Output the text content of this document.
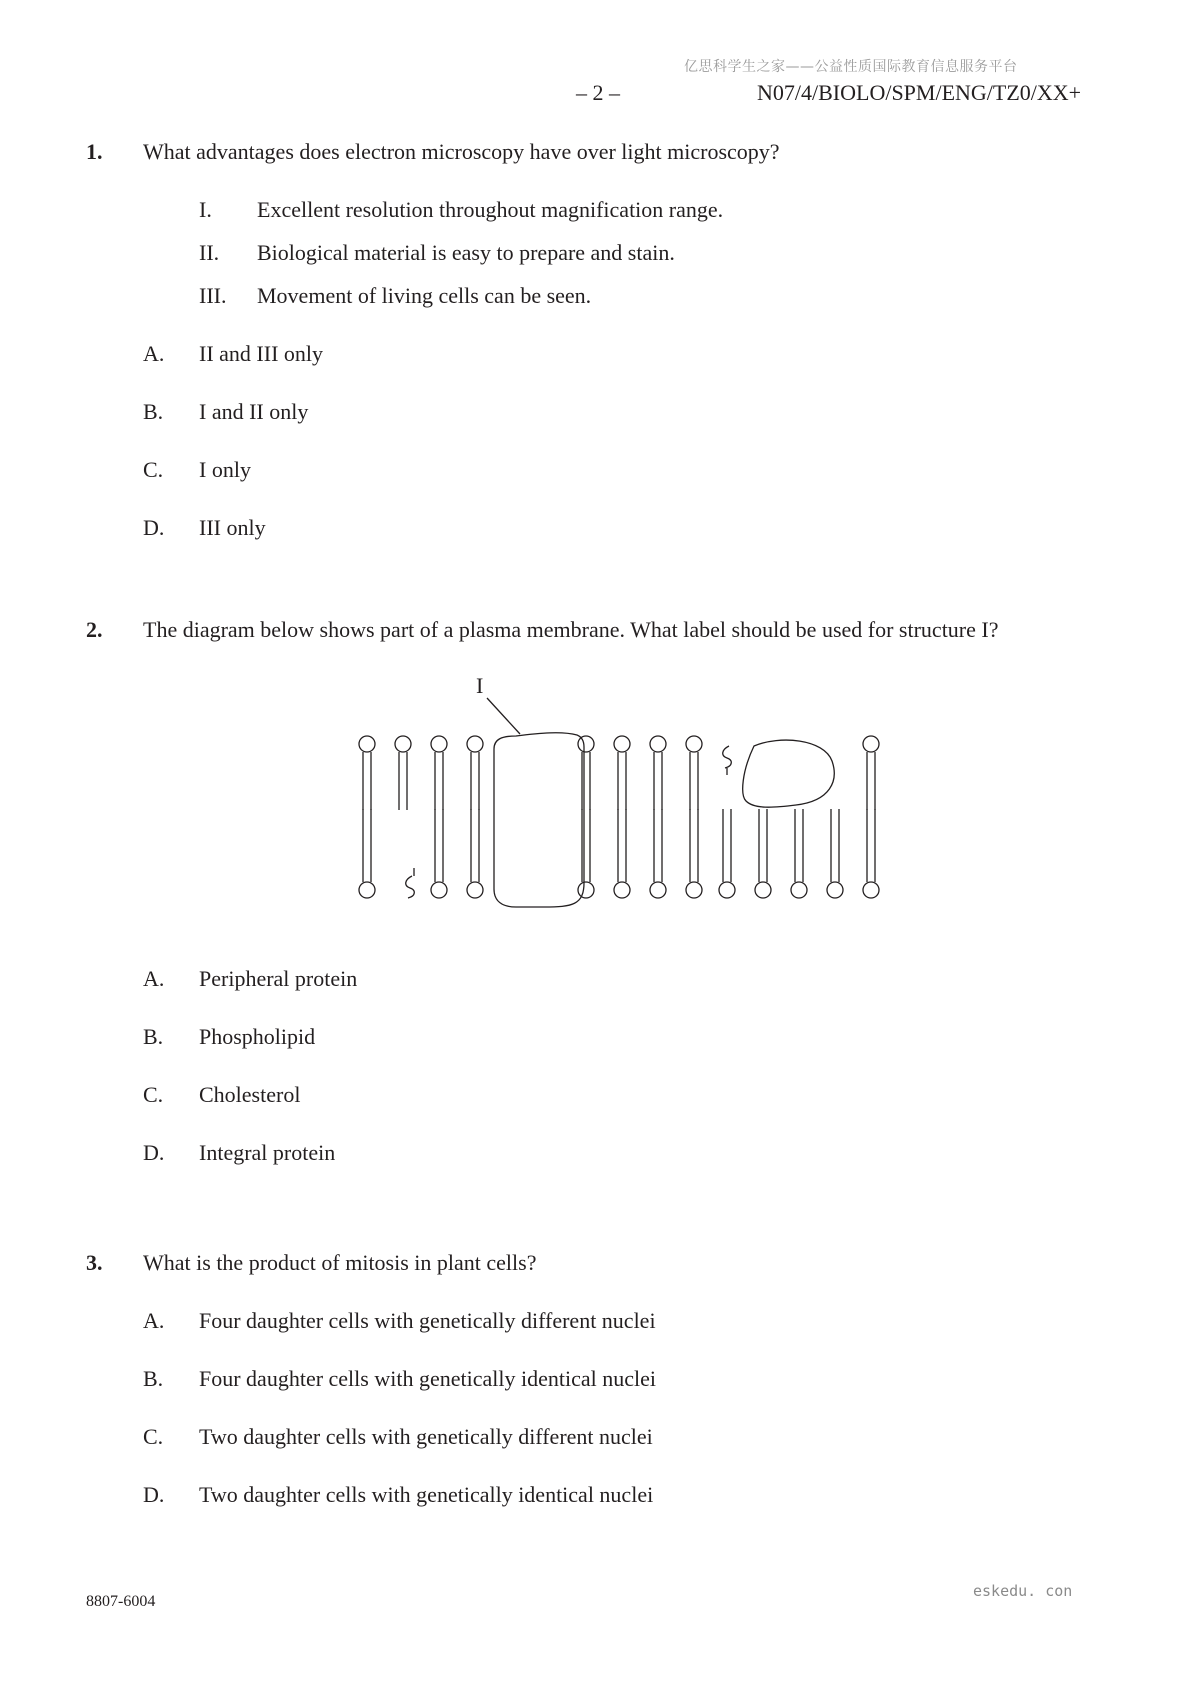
亿思科学生之家——公益性质国际教育信息服务平台
– 2 –	N07/4/BIOLO/SPM/ENG/TZ0/XX+
1. What advantages does electron microscopy have over light microscopy?
I. Excellent resolution throughout magnification range.
II. Biological material is easy to prepare and stain.
III. Movement of living cells can be seen.
A. II and III only
B. I and II only
C. I only
D. III only
2. The diagram below shows part of a plasma membrane. What label should be used for structure I?
I
A. Peripheral protein
B. Phospholipid
C. Cholesterol
D. Integral protein
3. What is the product of mitosis in plant cells?
A. Four daughter cells with genetically different nuclei
B. Four daughter cells with genetically identical nuclei
C. Two daughter cells with genetically different nuclei
D. Two daughter cells with genetically identical nuclei
8807-6004
eskedu. con
